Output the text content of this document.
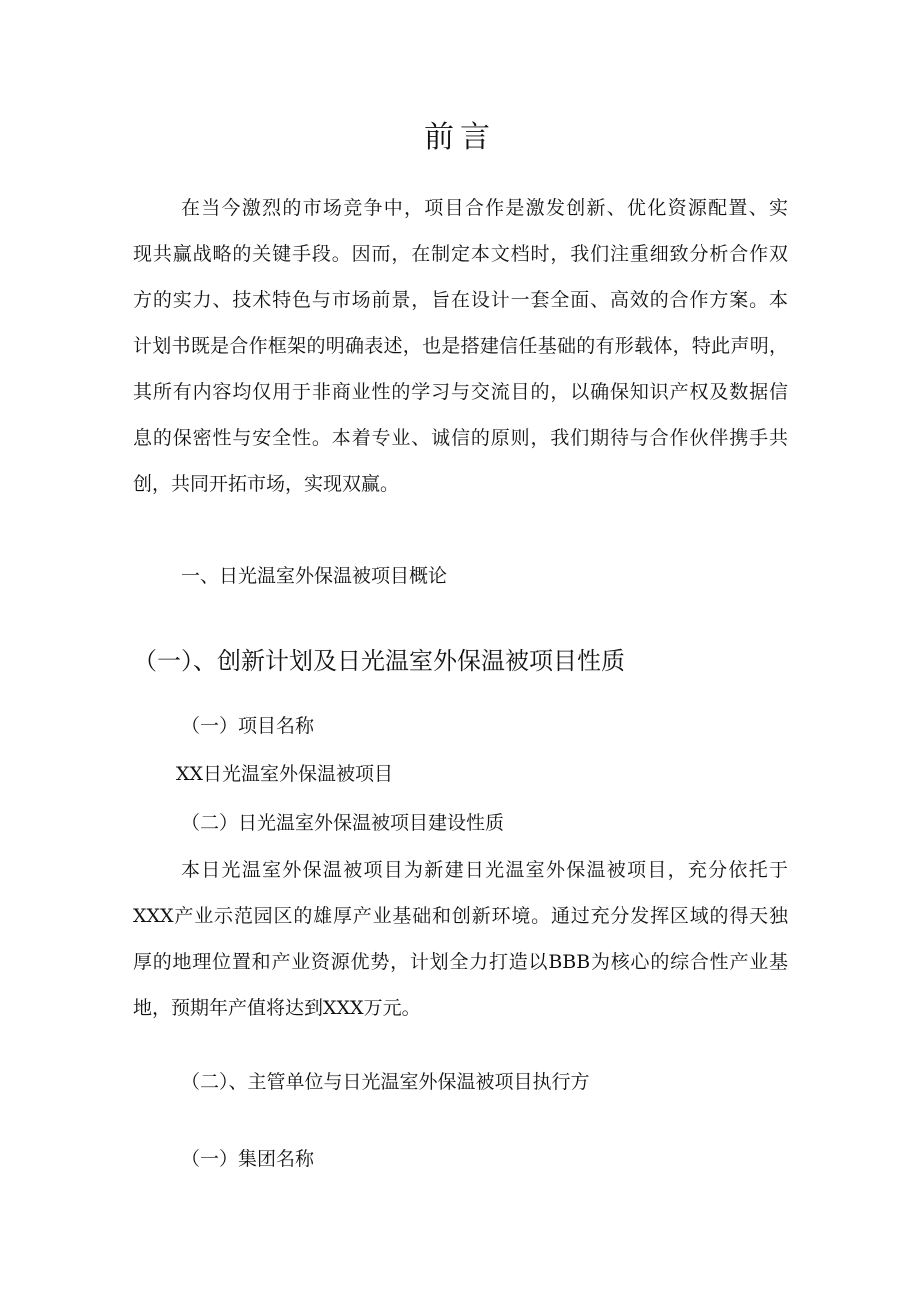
前言
在当今激烈的市场竞争中，项目合作是激发创新、优化资源配置、实
现共赢战略的关键手段。因而，在制定本文档时，我们注重细致分析合作双
方的实力、技术特色与市场前景，旨在设计一套全面、高效的合作方案。本
计划书既是合作框架的明确表述，也是搭建信任基础的有形载体，特此声明，
其所有内容均仅用于非商业性的学习与交流目的，以确保知识产权及数据信
息的保密性与安全性。本着专业、诚信的原则，我们期待与合作伙伴携手共
创，共同开拓市场，实现双赢。
一、日光温室外保温被项目概论
（一）、创新计划及日光温室外保温被项目性质
（一）项目名称
XX日光温室外保温被项目
（二）日光温室外保温被项目建设性质
本日光温室外保温被项目为新建日光温室外保温被项目，充分依托于
XXX产业示范园区的雄厚产业基础和创新环境。通过充分发挥区域的得天独
厚的地理位置和产业资源优势，计划全力打造以BBB为核心的综合性产业基
地，预期年产值将达到XXX万元。
（二）、主管单位与日光温室外保温被项目执行方
（一）集团名称
